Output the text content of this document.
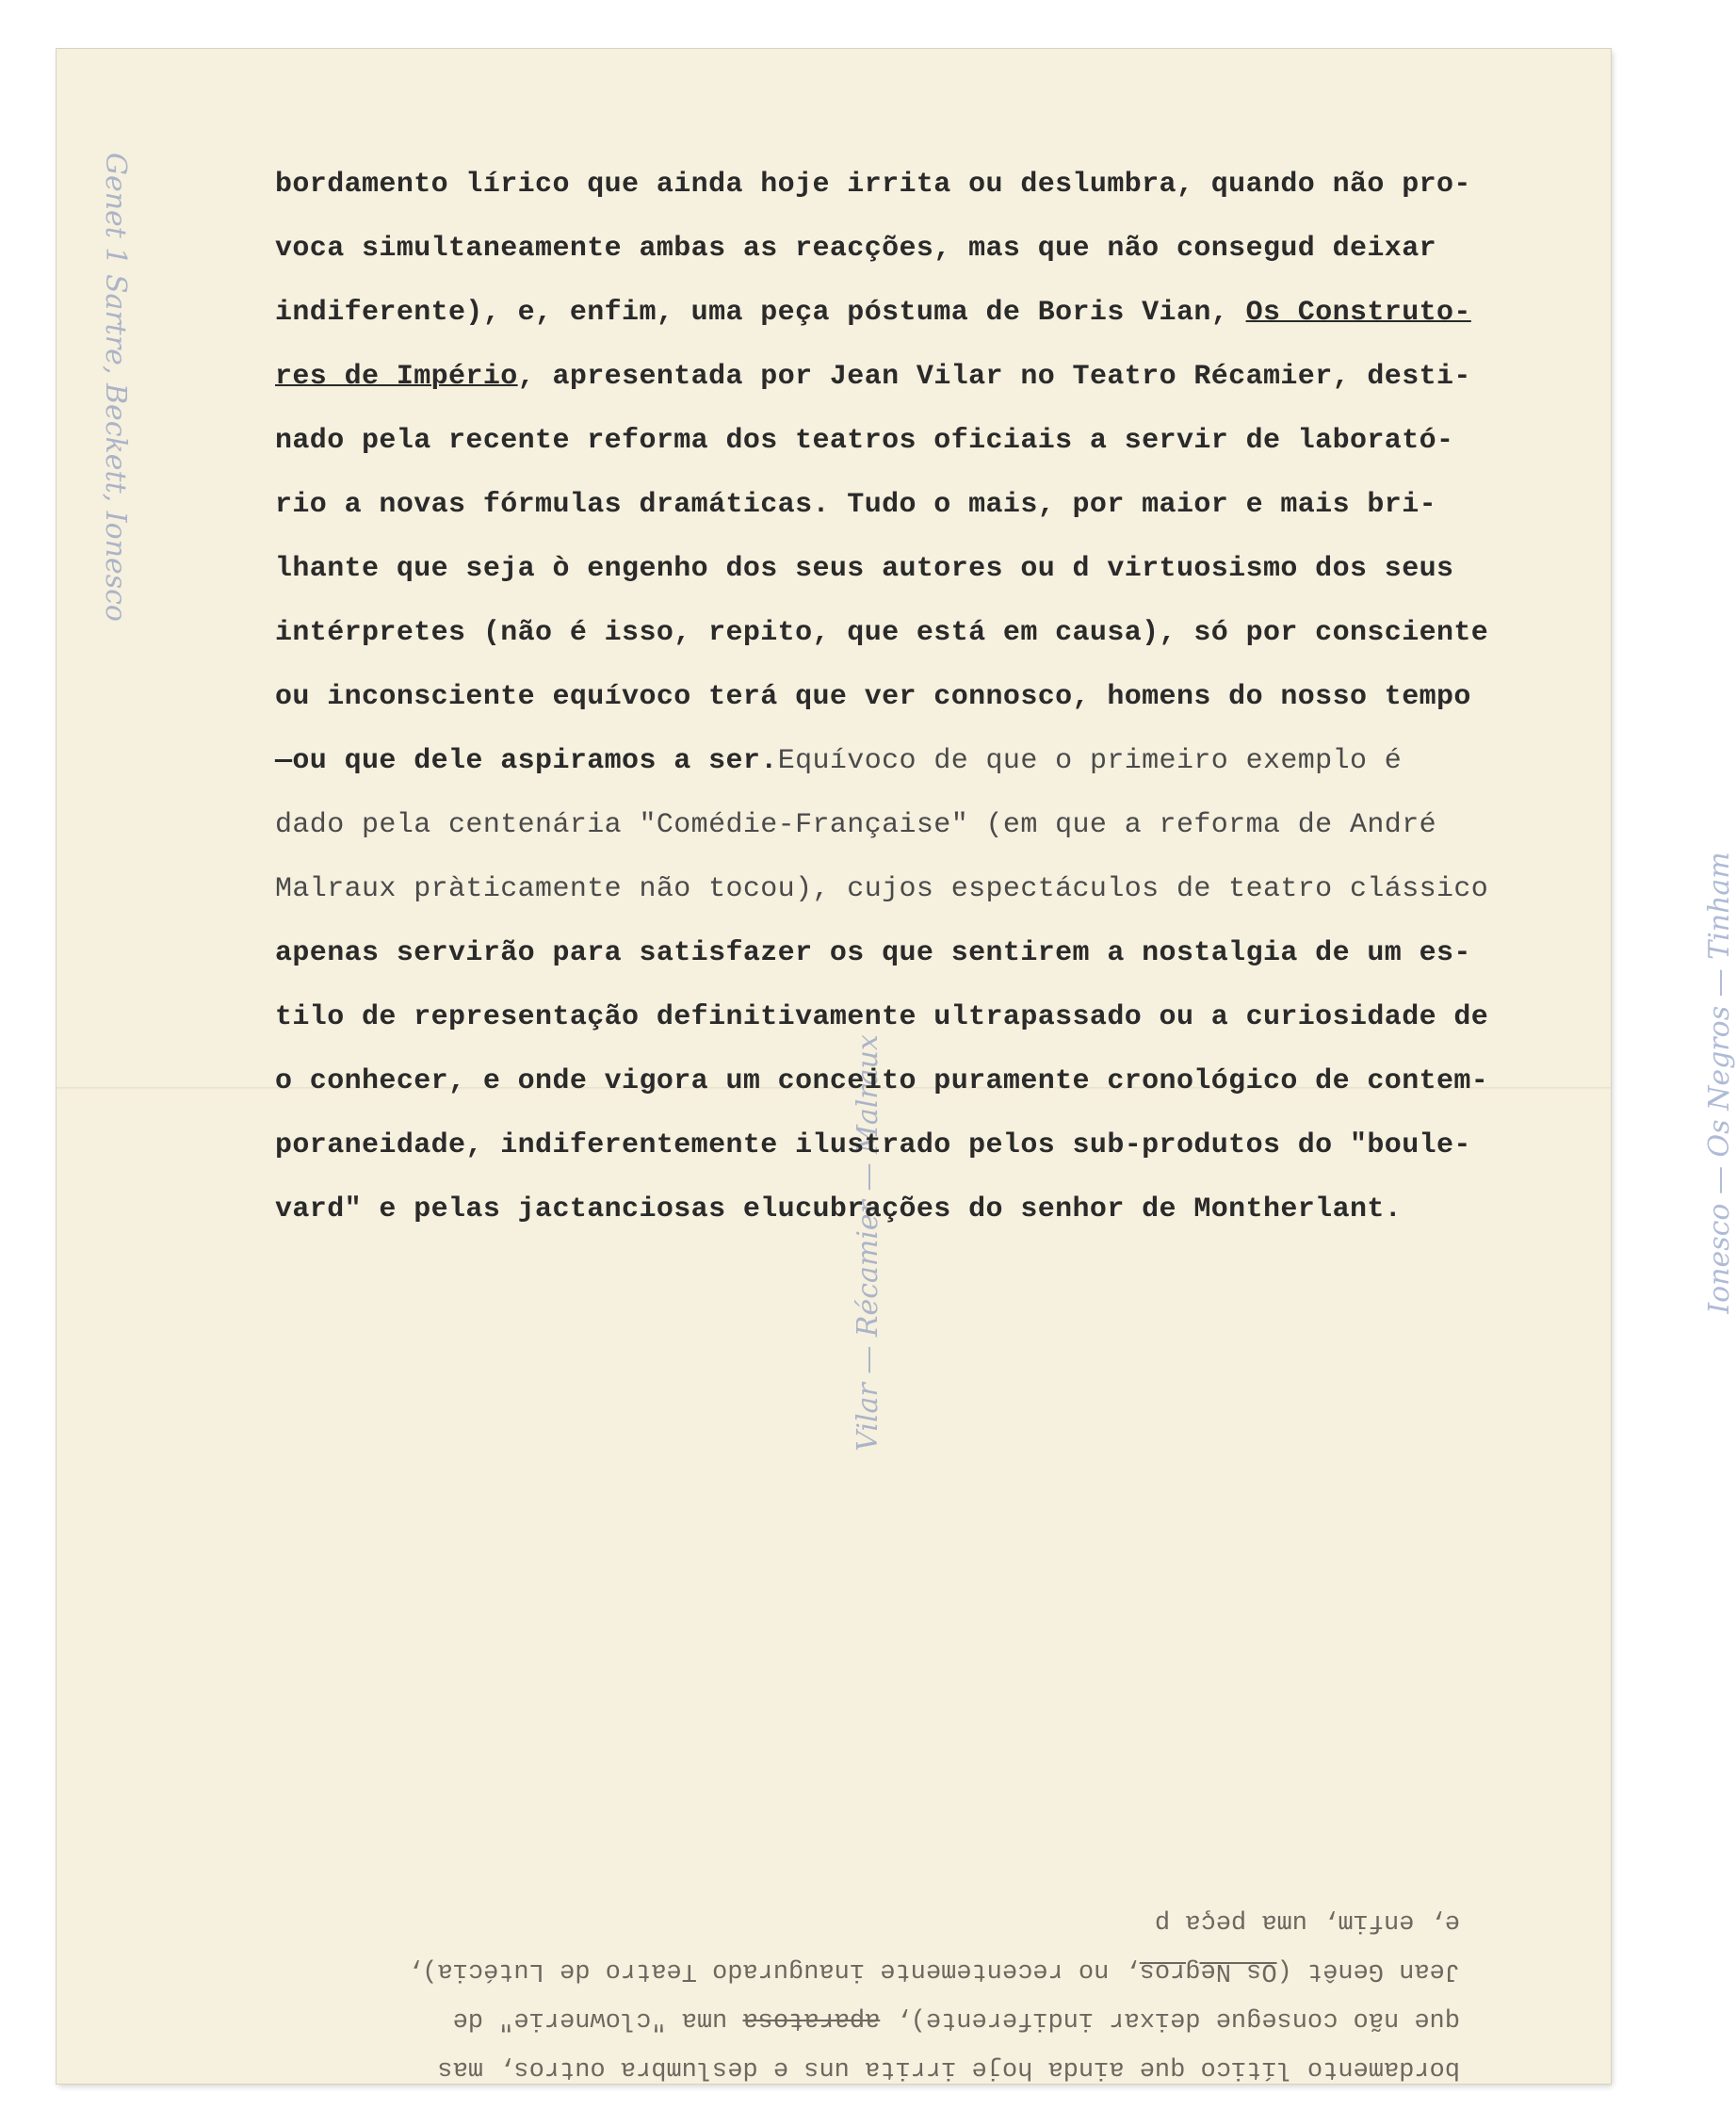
Genet 1 Sartre, Beckett, Ionesco
Vilar — Récamier — Malraux	Ionesco — Os Negros — Tinham
bordamento lírico que ainda hoje irrita ou deslumbra, quando não pro-
voca simultaneamente ambas as reacções, mas que não consegud deixar
indiferente), e, enfim, uma peça póstuma de Boris Vian, Os Construto-
res de Império, apresentada por Jean Vilar no Teatro Récamier, desti-
nado pela recente reforma dos teatros oficiais a servir de laborató-
rio a novas fórmulas dramáticas. Tudo o mais, por maior e mais bri-
lhante que seja ò engenho dos seus autores ou d virtuosismo dos seus
intérpretes (não é isso, repito, que está em causa), só por consciente
ou inconsciente equívoco terá que ver connosco, homens do nosso tempo
—ou que dele aspiramos a ser.Equívoco de que o primeiro exemplo é
dado pela centenária "Comédie-Française" (em que a reforma de André
Malraux pràticamente não tocou), cujos espectáculos de teatro clássico
apenas servirão para satisfazer os que sentirem a nostalgia de um es-
tilo de representação definitivamente ultrapassado ou a curiosidade de
o conhecer, e onde vigora um conceito puramente cronológico de contem-
poraneidade, indiferentemente ilustrado pelos sub-produtos do "boule-
vard" e pelas jactanciosas elucubrações do senhor de Montherlant.
bordamento lítico que ainda hoje irrita uns e deslumbra outros, mas
que não consegue deixar indiferente), aparatosa uma "clownerie" de
Jean Genêt (Os Negros, no recentemente inaugurado Teatro de Lutécia),
e, enfim, uma peça p
